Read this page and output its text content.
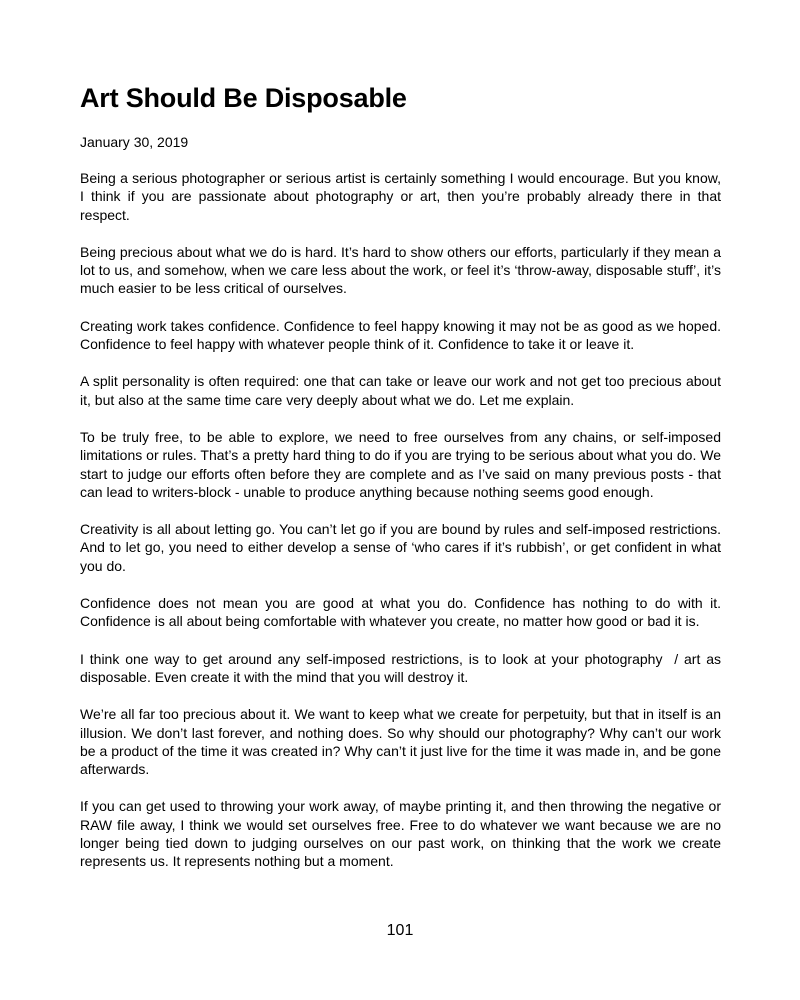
Art Should Be Disposable

January 30, 2019

Being a serious photographer or serious artist is certainly something I would encourage. But you know, I think if you are passionate about photography or art, then you’re probably already there in that respect.

Being precious about what we do is hard. It’s hard to show others our efforts, particularly if they mean a lot to us, and somehow, when we care less about the work, or feel it’s ‘throw-away, disposable stuff’, it’s much easier to be less critical of ourselves.

Creating work takes confidence. Confidence to feel happy knowing it may not be as good as we hoped. Confidence to feel happy with whatever people think of it. Confidence to take it or leave it.

A split personality is often required: one that can take or leave our work and not get too precious about it, but also at the same time care very deeply about what we do. Let me explain.

To be truly free, to be able to explore, we need to free ourselves from any chains, or self-imposed limitations or rules. That’s a pretty hard thing to do if you are trying to be serious about what you do. We start to judge our efforts often before they are complete and as I’ve said on many previous posts - that can lead to writers-block - unable to produce anything because nothing seems good enough.

Creativity is all about letting go. You can’t let go if you are bound by rules and self-imposed restrictions. And to let go, you need to either develop a sense of ‘who cares if it’s rubbish’, or get confident in what you do.

Confidence does not mean you are good at what you do. Confidence has nothing to do with it. Confidence is all about being comfortable with whatever you create, no matter how good or bad it is.

I think one way to get around any self-imposed restrictions, is to look at your photography  / art as disposable. Even create it with the mind that you will destroy it.

We’re all far too precious about it. We want to keep what we create for perpetuity, but that in itself is an illusion. We don’t last forever, and nothing does. So why should our photography? Why can’t our work be a product of the time it was created in? Why can’t it just live for the time it was made in, and be gone afterwards.

If you can get used to throwing your work away, of maybe printing it, and then throwing the negative or RAW file away, I think we would set ourselves free. Free to do whatever we want because we are no longer being tied down to judging ourselves on our past work, on thinking that the work we create represents us. It represents nothing but a moment.

101
